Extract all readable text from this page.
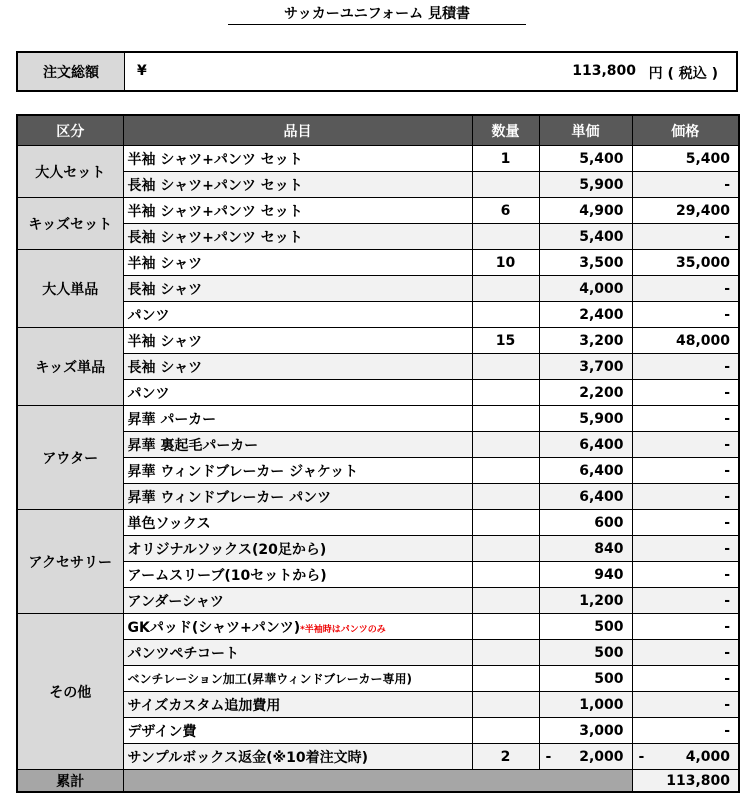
サッカーユニフォーム 見積書
注文総額	¥	113,800 円 ( 税込 )
区分	品目	数量	単価	価格
大人セット	半袖 シャツ+パンツ セット	1	5,400	5,400
	長袖 シャツ+パンツ セット		5,900	-
キッズセット	半袖 シャツ+パンツ セット	6	4,900	29,400
	長袖 シャツ+パンツ セット		5,400	-
大人単品	半袖 シャツ	10	3,500	35,000
	長袖 シャツ		4,000	-
	パンツ		2,400	-
キッズ単品	半袖 シャツ	15	3,200	48,000
	長袖 シャツ		3,700	-
	パンツ		2,200	-
アウター	昇華 パーカー		5,900	-
	昇華 裏起毛パーカー		6,400	-
	昇華 ウィンドブレーカー ジャケット		6,400	-
	昇華 ウィンドブレーカー パンツ		6,400	-
アクセサリー	単色ソックス		600	-
	オリジナルソックス(20足から)		840	-
	アームスリーブ(10セットから)		940	-
	アンダーシャツ		1,200	-
その他	GKパッド(シャツ+パンツ)*半袖時はパンツのみ		500	-
	パンツペチコート		500	-
	ベンチレーション加工(昇華ウィンドブレーカー専用)		500	-
	サイズカスタム追加費用		1,000	-
	デザイン費		3,000	-
	サンプルボックス返金(※10着注文時)	2	- 2,000	- 4,000
累計				113,800
